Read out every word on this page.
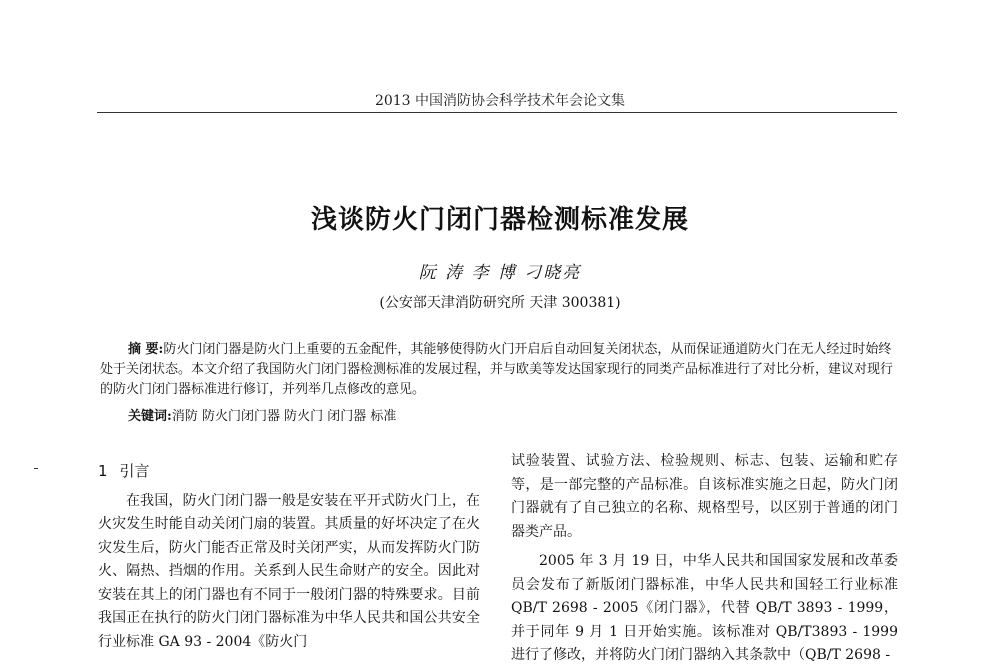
2013 中国消防协会科学技术年会论文集
浅谈防火门闭门器检测标准发展
阮 涛 李 博 刁晓亮
(公安部天津消防研究所 天津 300381)
摘 要:防火门闭门器是防火门上重要的五金配件，其能够使得防火门开启后自动回复关闭状态，从而保证通道防火门在无人经过时始终处于关闭状态。本文介绍了我国防火门闭门器检测标准的发展过程，并与欧美等发达国家现行的同类产品标准进行了对比分析，建议对现行的防火门闭门器标准进行修订，并列举几点修改的意见。
关键词:消防 防火门闭门器 防火门 闭门器 标准
1 引言

在我国，防火门闭门器一般是安装在平开式防火门上，在火灾发生时能自动关闭门扇的装置。其质量的好坏决定了在火灾发生后，防火门能否正常及时关闭严实，从而发挥防火门防火、隔热、挡烟的作用。关系到人民生命财产的安全。因此对安装在其上的闭门器也有不同于一般闭门器的特殊要求。目前我国正在执行的防火门闭门器标准为中华人民共和国公共安全行业标准 GA 93 - 2004《防火门

试验装置、试验方法、检验规则、标志、包装、运输和贮存等，是一部完整的产品标准。自该标准实施之日起，防火门闭门器就有了自己独立的名称、规格型号，以区别于普通的闭门器类产品。

2005 年 3 月 19 日，中华人民共和国国家发展和改革委员会发布了新版闭门器标准，中华人民共和国轻工行业标准 QB/T 2698 - 2005《闭门器》，代替 QB/T 3893 - 1999，并于同年 9 月 1 日开始实施。该标准对 QB/T3893 - 1999 进行了修改，并将防火门闭门器纳入其条款中（QB/T 2698 -
